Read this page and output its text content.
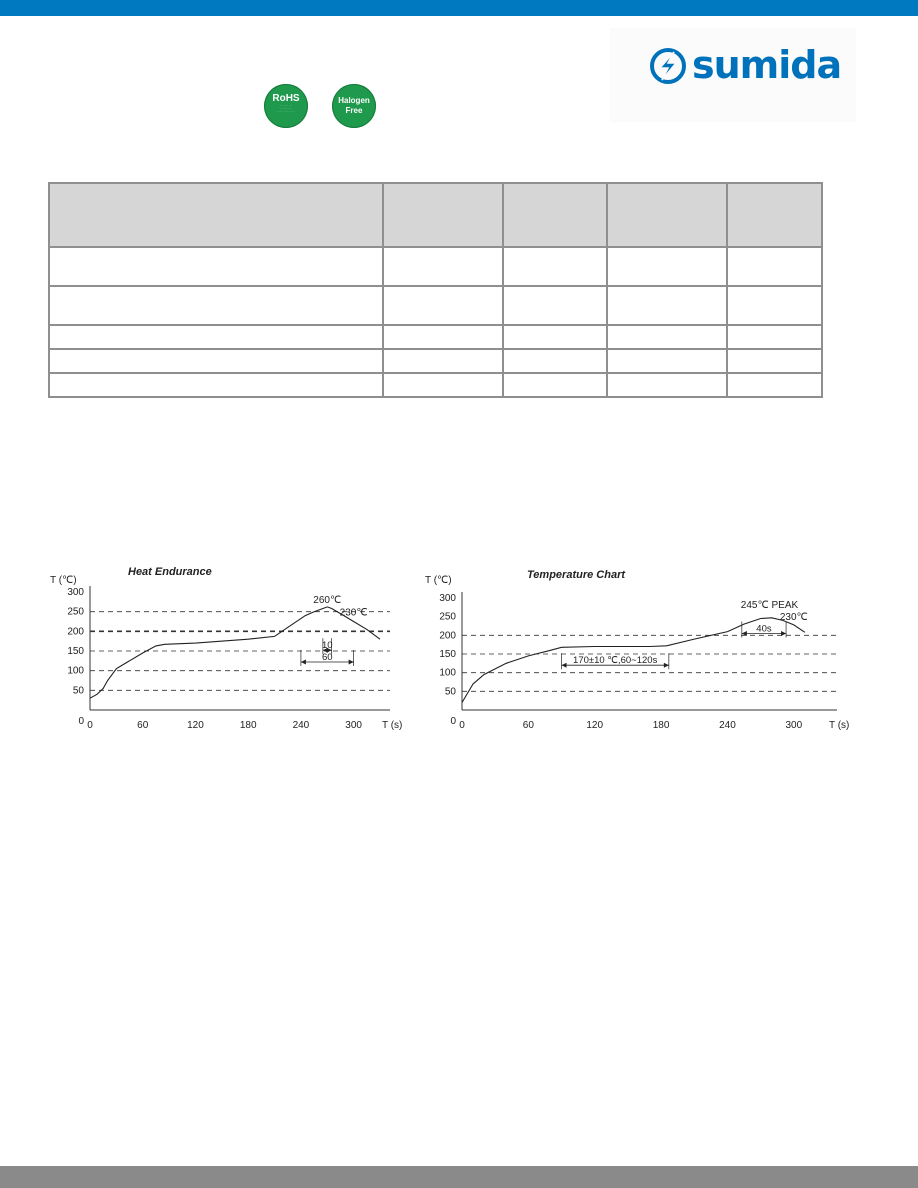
RoHS
··· ···· ···
·· ····· ····
······ ····· ·····
Halogen
Free
sumida

Heat Endurance
T (℃)
T (s)
0
50
100
150
200
250
300
0	60	120	180	240	300
260℃
230℃
10
60
Temperature Chart
T (℃)
T (s)
0
50
100
150
200
250
300
0	60	120	180	240	300
170±10 ℃,60~120s
245℃ PEAK
230℃
40s
